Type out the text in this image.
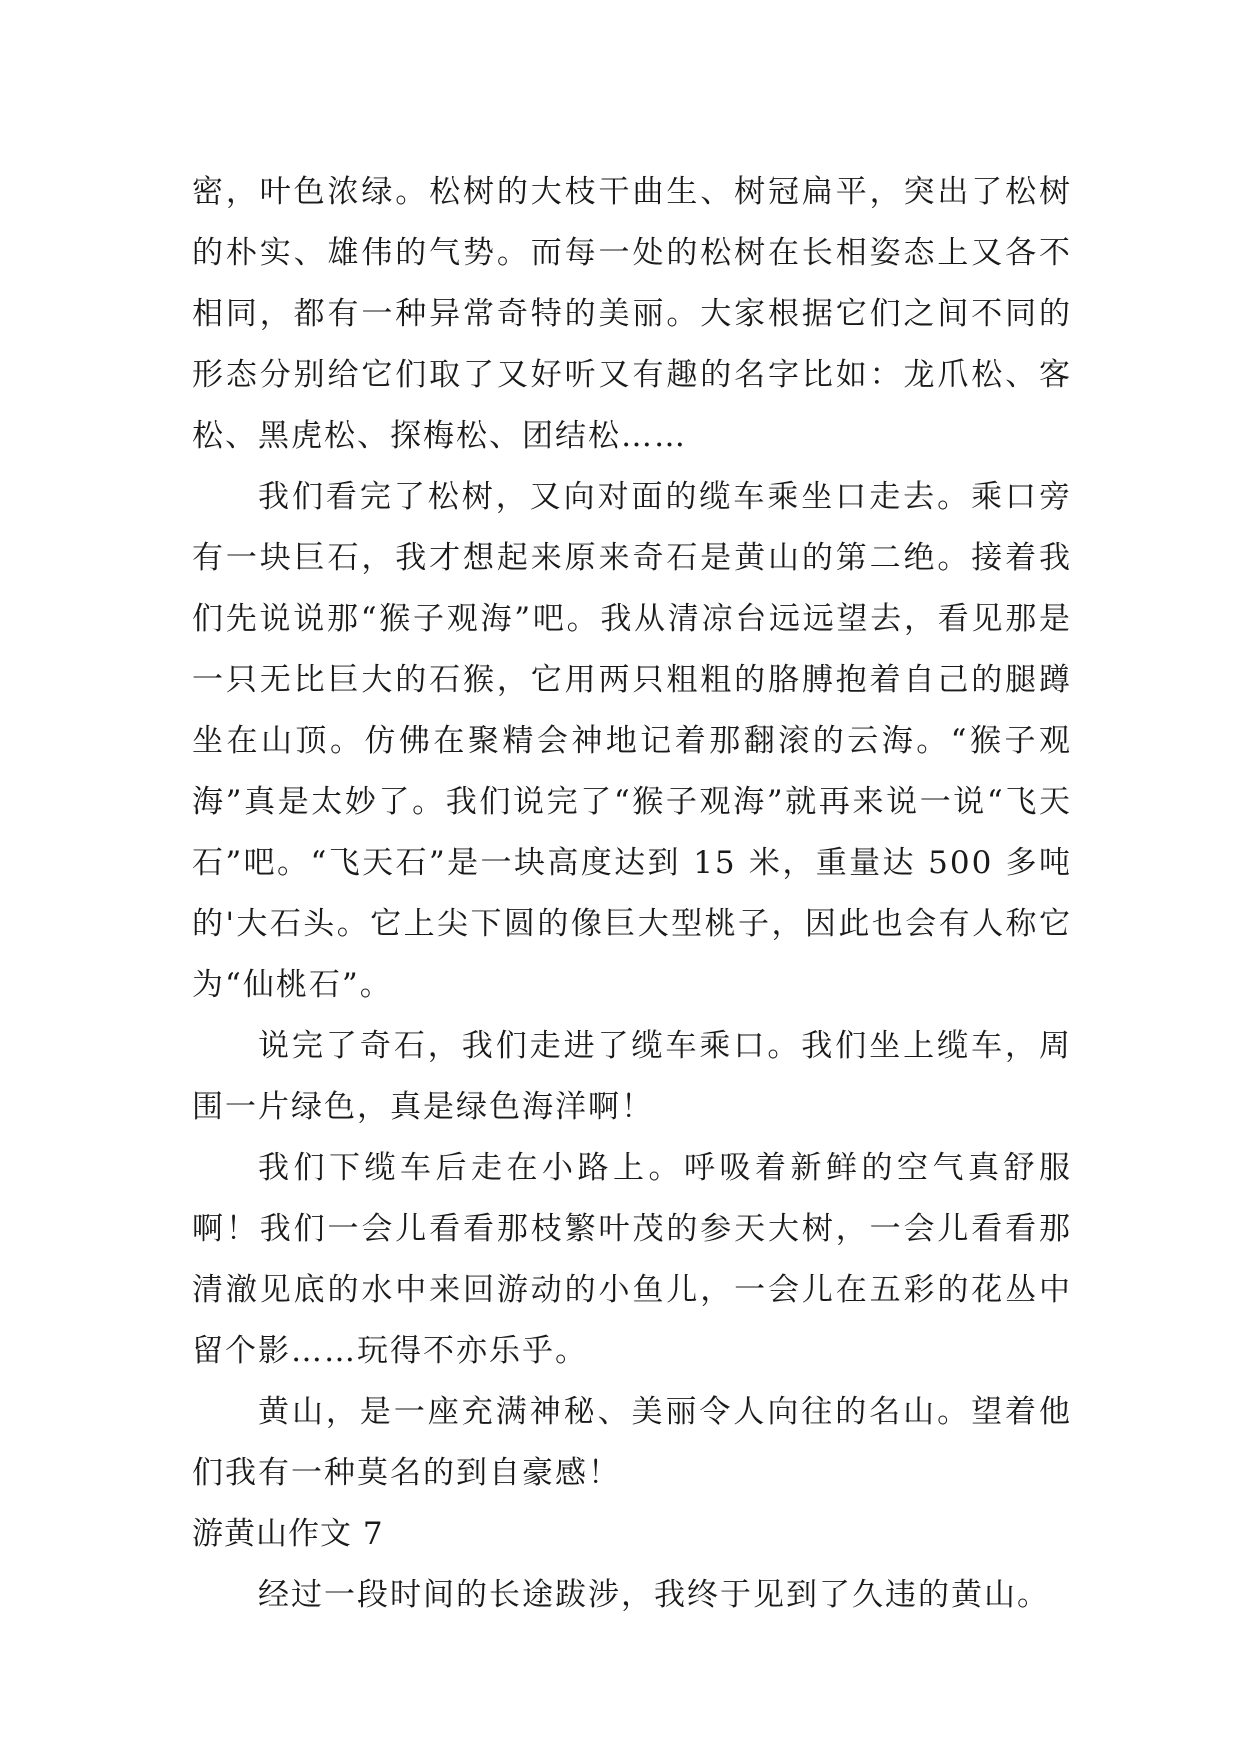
密，叶色浓绿。松树的大枝干曲生、树冠扁平，突出了松树的朴实、雄伟的气势。而每一处的松树在长相姿态上又各不相同，都有一种异常奇特的美丽。大家根据它们之间不同的形态分别给它们取了又好听又有趣的名字比如：龙爪松、客松、黑虎松、探梅松、团结松……

我们看完了松树，又向对面的缆车乘坐口走去。乘口旁有一块巨石，我才想起来原来奇石是黄山的第二绝。接着我们先说说那“猴子观海”吧。我从清凉台远远望去，看见那是一只无比巨大的石猴，它用两只粗粗的胳膊抱着自己的腿蹲坐在山顶。仿佛在聚精会神地记着那翻滚的云海。“猴子观海”真是太妙了。我们说完了“猴子观海”就再来说一说“飞天石”吧。“飞天石”是一块高度达到 15 米，重量达 500 多吨的'大石头。它上尖下圆的像巨大型桃子，因此也会有人称它为“仙桃石”。

说完了奇石，我们走进了缆车乘口。我们坐上缆车，周围一片绿色，真是绿色海洋啊！

我们下缆车后走在小路上。呼吸着新鲜的空气真舒服啊！我们一会儿看看那枝繁叶茂的参天大树，一会儿看看那清澈见底的水中来回游动的小鱼儿，一会儿在五彩的花丛中留个影……玩得不亦乐乎。

黄山，是一座充满神秘、美丽令人向往的名山。望着他们我有一种莫名的到自豪感！

游黄山作文 7

经过一段时间的长途跋涉，我终于见到了久违的黄山。
